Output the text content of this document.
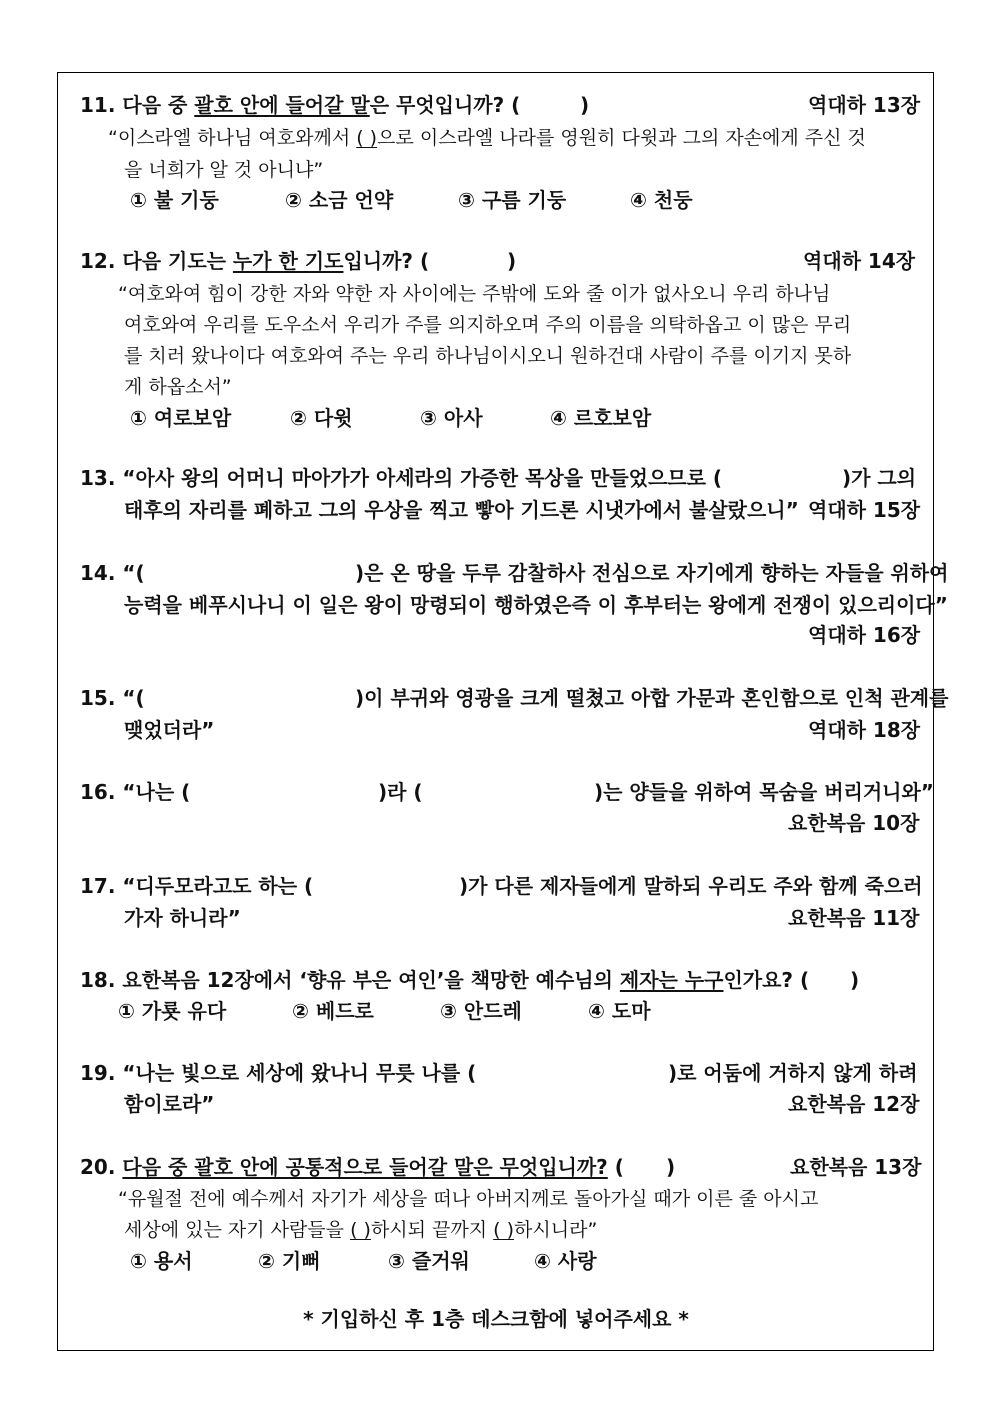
11. 다음 중 괄호 안에 들어갈 말은 무엇입니까? (	)	역대하 13장
“이스라엘 하나님 여호와께서 ( )으로 이스라엘 나라를 영원히 다윗과 그의 자손에게 주신 것
을 너희가 알 것 아니냐”
① 불 기둥	② 소금 언약	③ 구름 기둥	④ 천둥
12. 다음 기도는 누가 한 기도입니까? (	)	역대하 14장
“여호와여 힘이 강한 자와 약한 자 사이에는 주밖에 도와 줄 이가 없사오니 우리 하나님
여호와여 우리를 도우소서 우리가 주를 의지하오며 주의 이름을 의탁하옵고 이 많은 무리
를 치러 왔나이다 여호와여 주는 우리 하나님이시오니 원하건대 사람이 주를 이기지 못하
게 하옵소서”
① 여로보암	② 다윗	③ 아사	④ 르호보암
13. “아사 왕의 어머니 마아가가 아세라의 가증한 목상을 만들었으므로 (	)가 그의
태후의 자리를 폐하고 그의 우상을 찍고 빻아 기드론 시냇가에서 불살랐으니” 역대하 15장
14. “(	)은 온 땅을 두루 감찰하사 전심으로 자기에게 향하는 자들을 위하여
능력을 베푸시나니 이 일은 왕이 망령되이 행하였은즉 이 후부터는 왕에게 전쟁이 있으리이다”
역대하 16장
15. “(	)이 부귀와 영광을 크게 떨쳤고 아합 가문과 혼인함으로 인척 관계를
맺었더라”	역대하 18장
16. “나는 (	)라 (	)는 양들을 위하여 목숨을 버리거니와”
요한복음 10장
17. “디두모라고도 하는 (	)가 다른 제자들에게 말하되 우리도 주와 함께 죽으러
가자 하니라”	요한복음 11장
18. 요한복음 12장에서 ‘향유 부은 여인’을 책망한 예수님의 제자는 누구인가요? ( )
① 가룟 유다	② 베드로	③ 안드레	④ 도마
19. “나는 빛으로 세상에 왔나니 무릇 나를 (	)로 어둠에 거하지 않게 하려
함이로라”	요한복음 12장
20. 다음 중 괄호 안에 공통적으로 들어갈 말은 무엇입니까? ( )	요한복음 13장
“유월절 전에 예수께서 자기가 세상을 떠나 아버지께로 돌아가실 때가 이른 줄 아시고
세상에 있는 자기 사람들을 ( )하시되 끝까지 ( )하시니라”
① 용서	② 기뻐	③ 즐거워	④ 사랑
* 기입하신 후 1층 데스크함에 넣어주세요 *
